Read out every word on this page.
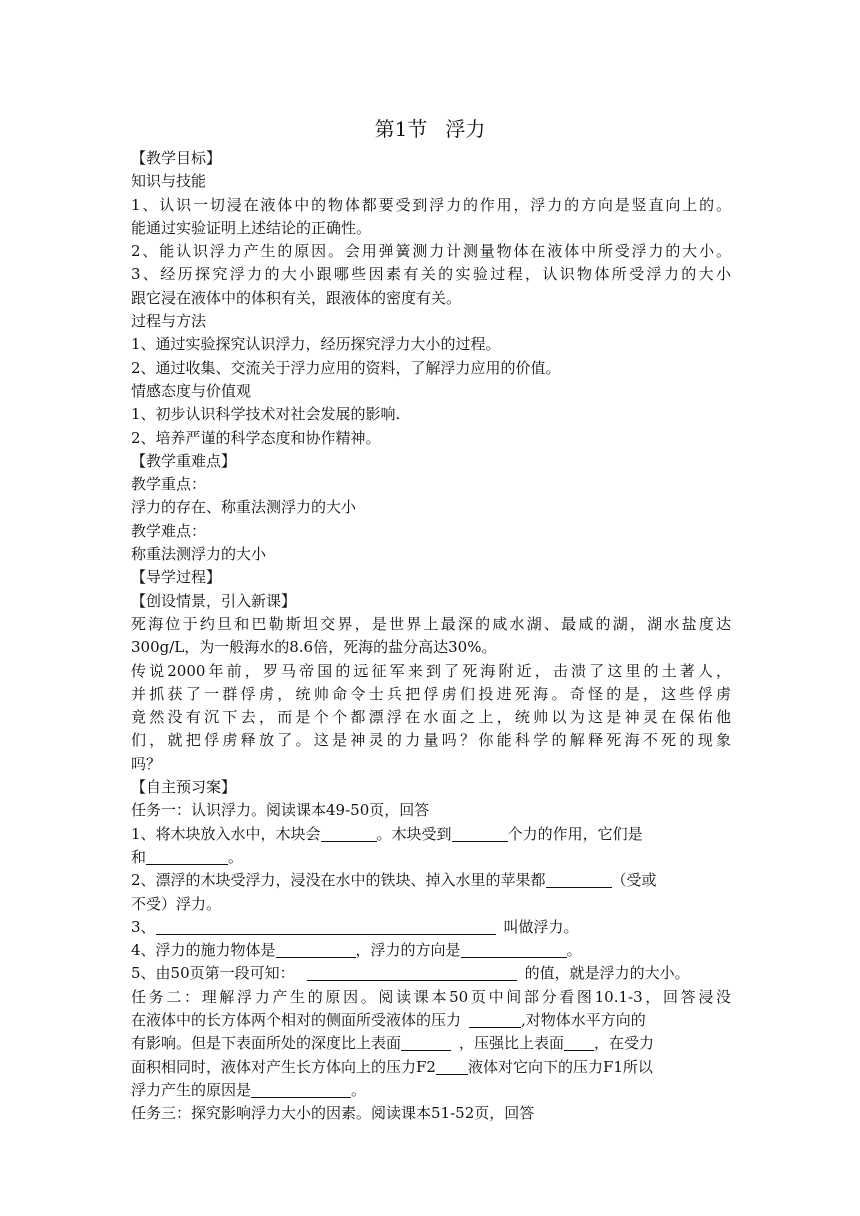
第1节 浮力
【教学目标】
知识与技能
1、认识一切浸在液体中的物体都要受到浮力的作用，浮力的方向是竖直向上的。
能通过实验证明上述结论的正确性。
2、能认识浮力产生的原因。会用弹簧测力计测量物体在液体中所受浮力的大小。
3、经历探究浮力的大小跟哪些因素有关的实验过程，认识物体所受浮力的大小
跟它浸在液体中的体积有关，跟液体的密度有关。
过程与方法
1、通过实验探究认识浮力，经历探究浮力大小的过程。
2、通过收集、交流关于浮力应用的资料，了解浮力应用的价值。
情感态度与价值观
1、初步认识科学技术对社会发展的影响.
2、培养严谨的科学态度和协作精神。
【教学重难点】
教学重点：
浮力的存在、称重法测浮力的大小
教学难点：
称重法测浮力的大小
【导学过程】
【创设情景，引入新课】
死海位于约旦和巴勒斯坦交界，是世界上最深的咸水湖、最咸的湖，湖水盐度达
300g/L，为一般海水的8.6倍，死海的盐分高达30%。
传说2000年前，罗马帝国的远征军来到了死海附近，击溃了这里的土著人，
并抓获了一群俘虏，统帅命令士兵把俘虏们投进死海。奇怪的是，这些俘虏
竟然没有沉下去，而是个个都漂浮在水面之上，统帅以为这是神灵在保佑他
们，就把俘虏释放了。这是神灵的力量吗？你能科学的解释死海不死的现象
吗？
【自主预习案】
任务一：认识浮力。阅读课本49-50页，回答
1、将木块放入水中，木块会	。木块受到	个力的作用，它们是
和	。
2、漂浮的木块受浮力，浸没在水中的铁块、掉入水里的苹果都	（受或
不受）浮力。
3、	叫做浮力。
4、浮力的施力物体是	，浮力的方向是	。
5、由50页第一段可知：	的值，就是浮力的大小。
任务二：理解浮力产生的原因。阅读课本50页中间部分看图10.1-3，回答浸没
在液体中的长方体两个相对的侧面所受液体的压力	,对物体水平方向的
有影响。但是下表面所处的深度比上表面	，压强比上表面 ，在受力
面积相同时，液体对产生长方体向上的压力F2 液体对它向下的压力F1所以
浮力产生的原因是	。
任务三：探究影响浮力大小的因素。阅读课本51-52页，回答
